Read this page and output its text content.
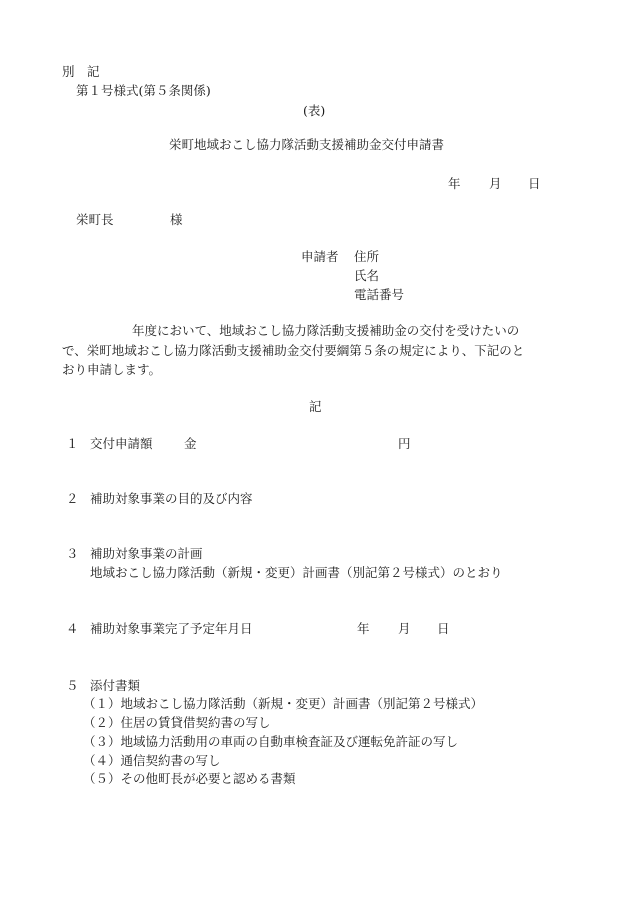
別　記
第１号様式(第５条関係)
(表)
栄町地域おこし協力隊活動支援補助金交付申請書
年 月 日
栄町長	様
申請者 住所
氏名
電話番号
年度において、地域おこし協力隊活動支援補助金の交付を受けたいの
で、栄町地域おこし協力隊活動支援補助金交付要綱第５条の規定により、下記のと
おり申請します。
記
１ 交付申請額	金	円
２ 補助対象事業の目的及び内容
３ 補助対象事業の計画
地域おこし協力隊活動（新規・変更）計画書（別記第２号様式）のとおり
４ 補助対象事業完了予定年月日	年 月 日
５ 添付書類
（１）地域おこし協力隊活動（新規・変更）計画書（別記第２号様式）
（２）住居の賃貸借契約書の写し
（３）地域協力活動用の車両の自動車検査証及び運転免許証の写し
（４）通信契約書の写し
（５）その他町長が必要と認める書類
